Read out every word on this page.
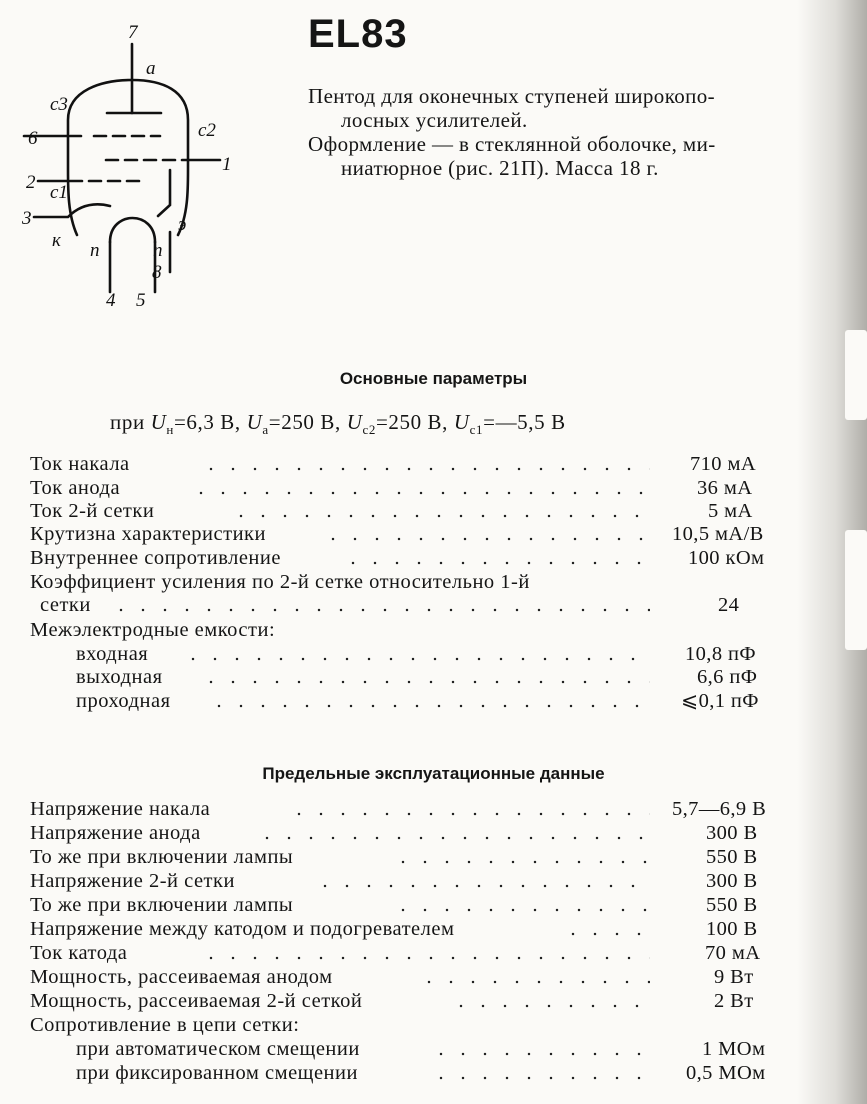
7
6
2
3
1
4 5
8
а
с3
с2
с1
к п	п
э
EL83
Пентод для оконечных ступеней широкопо-
лосных усилителей.
Оформление — в стеклянной оболочке, ми-
ниатюрное (рис. 21П). Масса 18 г.
Основные параметры
при $U_н=6,3$ В, $U_а=250$ В, $U_{с2}=250$ В, $U_{с1}=—5,5$ В
Ток накала	710 мА
Ток анода	36 мА
Ток 2-й сетки	5 мА
Крутизна характеристики	10,5 мА/В
Внутреннее сопротивление	100 кОм
Коэффициент усиления по 2-й сетке относительно 1-й
сетки	24
Межэлектродные емкости:
входная	10,8 пФ
выходная	6,6 пФ
проходная	⩽0,1 пФ
Предельные эксплуатационные данные
Напряжение накала	5,7—6,9 В
Напряжение анода	300 В
То же при включении лампы	550 В
Напряжение 2-й сетки	300 В
То же при включении лампы	550 В
Напряжение между катодом и подогревателем	100 В
Ток катода	70 мА
Мощность, рассеиваемая анодом	9 Вт
Мощность, рассеиваемая 2-й сеткой	2 Вт
Сопротивление в цепи сетки:
при автоматическом смещении	1 МОм
при фиксированном смещении	0,5 МОм
